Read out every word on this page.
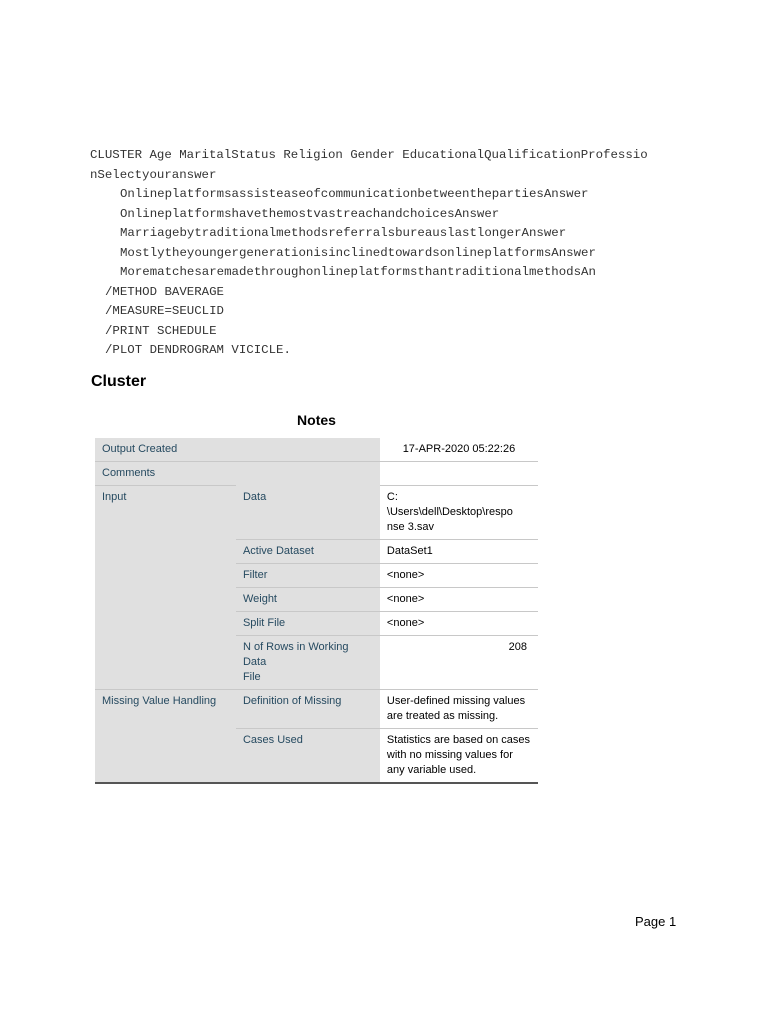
CLUSTER Age MaritalStatus Religion Gender EducationalQualificationProfessio
nSelectyouranswer
OnlineplatformsassisteaseofcommunicationbetweenthepartiesAnswer
OnlineplatformshavethemostvastreachandchoicesAnswer
MarriagebytraditionalmethodsreferralsbureauslastlongerAnswer
MostlytheyoungergenerationisinclinedtowardsonlineplatformsAnswer
MorematchesaremadethroughonlineplatformsthantraditionalmethodsAn
/METHOD BAVERAGE
/MEASURE=SEUCLID
/PRINT SCHEDULE
/PLOT DENDROGRAM VICICLE.
Cluster
Notes
Output Created		17-APR-2020 05:22:26
Comments		
Input	Data	C:
\Users\dell\Desktop\respo
nse 3.sav

	Active Dataset	DataSet1
	Filter	<none>
	Weight	<none>
	Split File	<none>

	N of Rows in Working Data
File	208
Missing Value Handling	Definition of Missing	User-defined missing values are treated as missing.
	Cases Used	Statistics are based on cases with no missing values for any variable used.
Page 1
